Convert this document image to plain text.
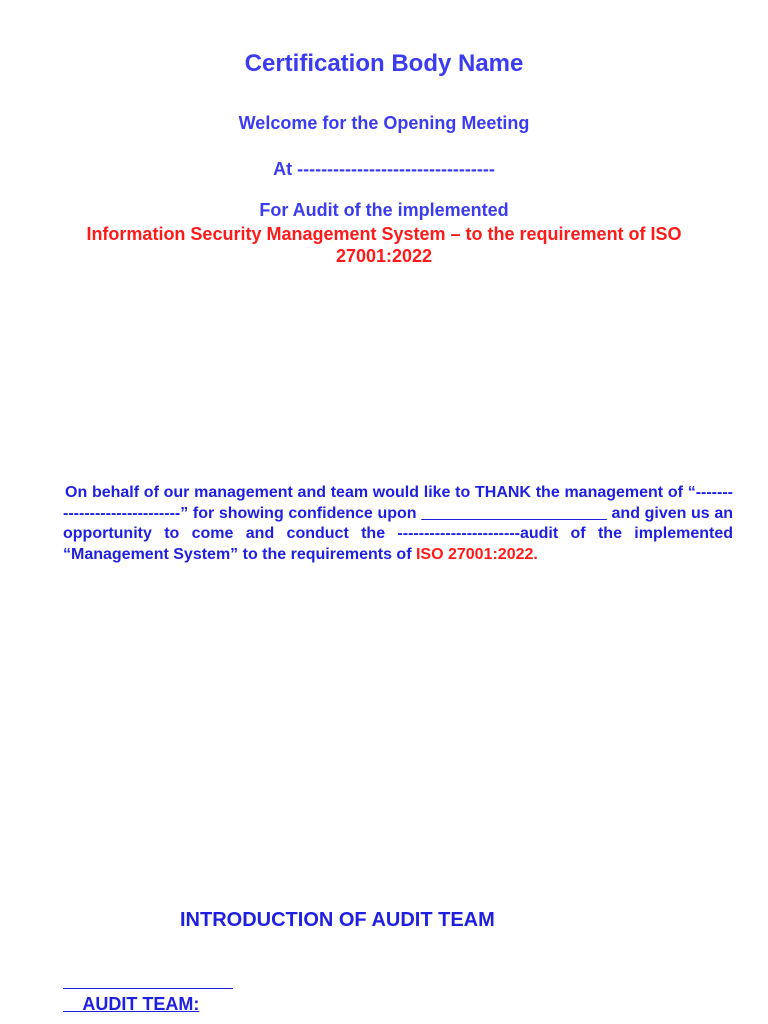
Certification Body Name
Welcome for the Opening Meeting
At ---------------------------------
For Audit of the implemented
Information Security Management System – to the requirement of ISO 27001:2022
On behalf of our management and team would like to THANK the management of “-----------------------------” for showing confidence upon	and given us an opportunity to come and conduct the -----------------------audit of the implemented “Management System” to the requirements of ISO 27001:2022.
INTRODUCTION OF AUDIT TEAM
AUDIT TEAM:
